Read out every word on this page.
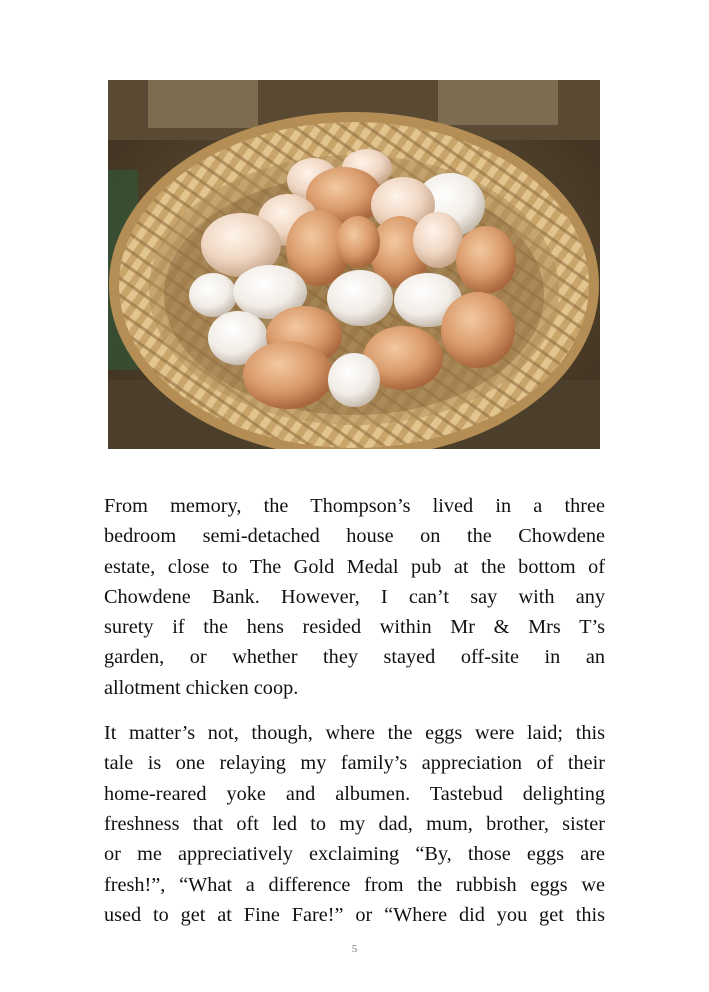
From memory, the Thompson’s lived in a three
bedroom semi-detached house on the Chowdene
estate, close to The Gold Medal pub at the bottom of
Chowdene Bank. However, I can’t say with any
surety if the hens resided within Mr & Mrs T’s
garden, or whether they stayed off-site in an
allotment chicken coop.

It matter’s not, though, where the eggs were laid; this
tale is one relaying my family’s appreciation of their
home-reared yoke and albumen. Tastebud delighting
freshness that oft led to my dad, mum, brother, sister
or me appreciatively exclaiming “By, those eggs are
fresh!”, “What a difference from the rubbish eggs we
used to get at Fine Fare!” or “Where did you get this

5
